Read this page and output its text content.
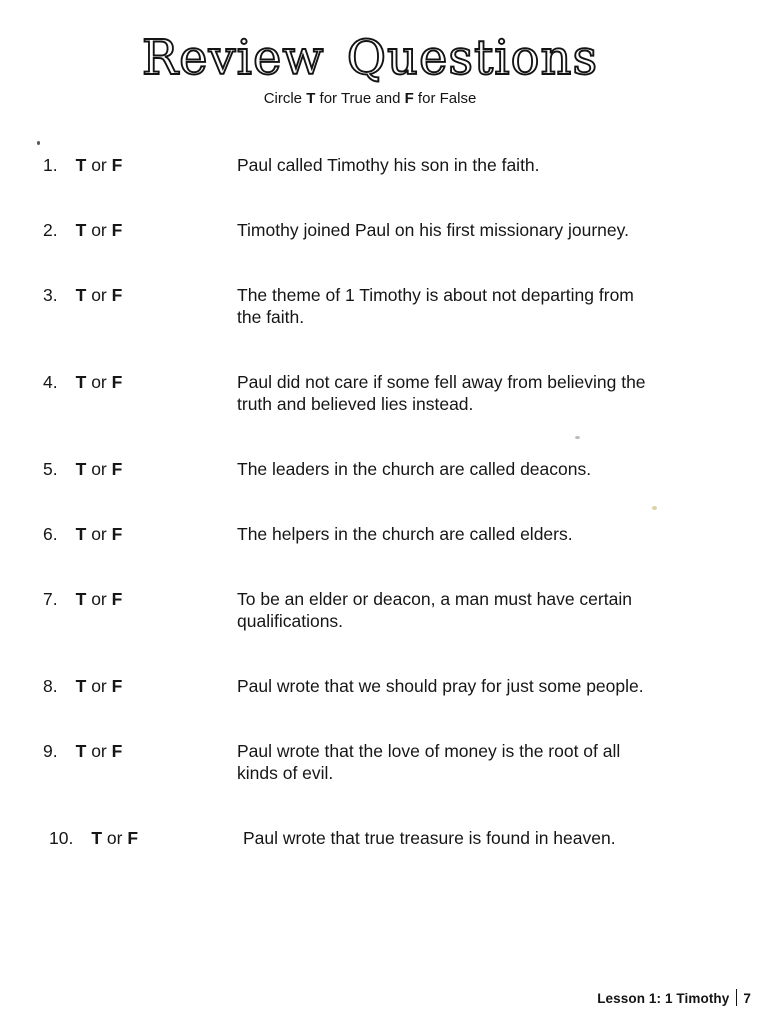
Review Questions

Circle T for True and F for False

1. T or F	Paul called Timothy his son in the faith.
2. T or F	Timothy joined Paul on his first missionary journey.
3. T or F	The theme of 1 Timothy is about not departing from
the faith.
4. T or F	Paul did not care if some fell away from believing the
truth and believed lies instead.
5. T or F	The leaders in the church are called deacons.
6. T or F	The helpers in the church are called elders.
7. T or F	To be an elder or deacon, a man must have certain
qualifications.
8. T or F	Paul wrote that we should pray for just some people.
9. T or F	Paul wrote that the love of money is the root of all
kinds of evil.
10. T or F	Paul wrote that true treasure is found in heaven.
Lesson 1: 1 Timothy 7
